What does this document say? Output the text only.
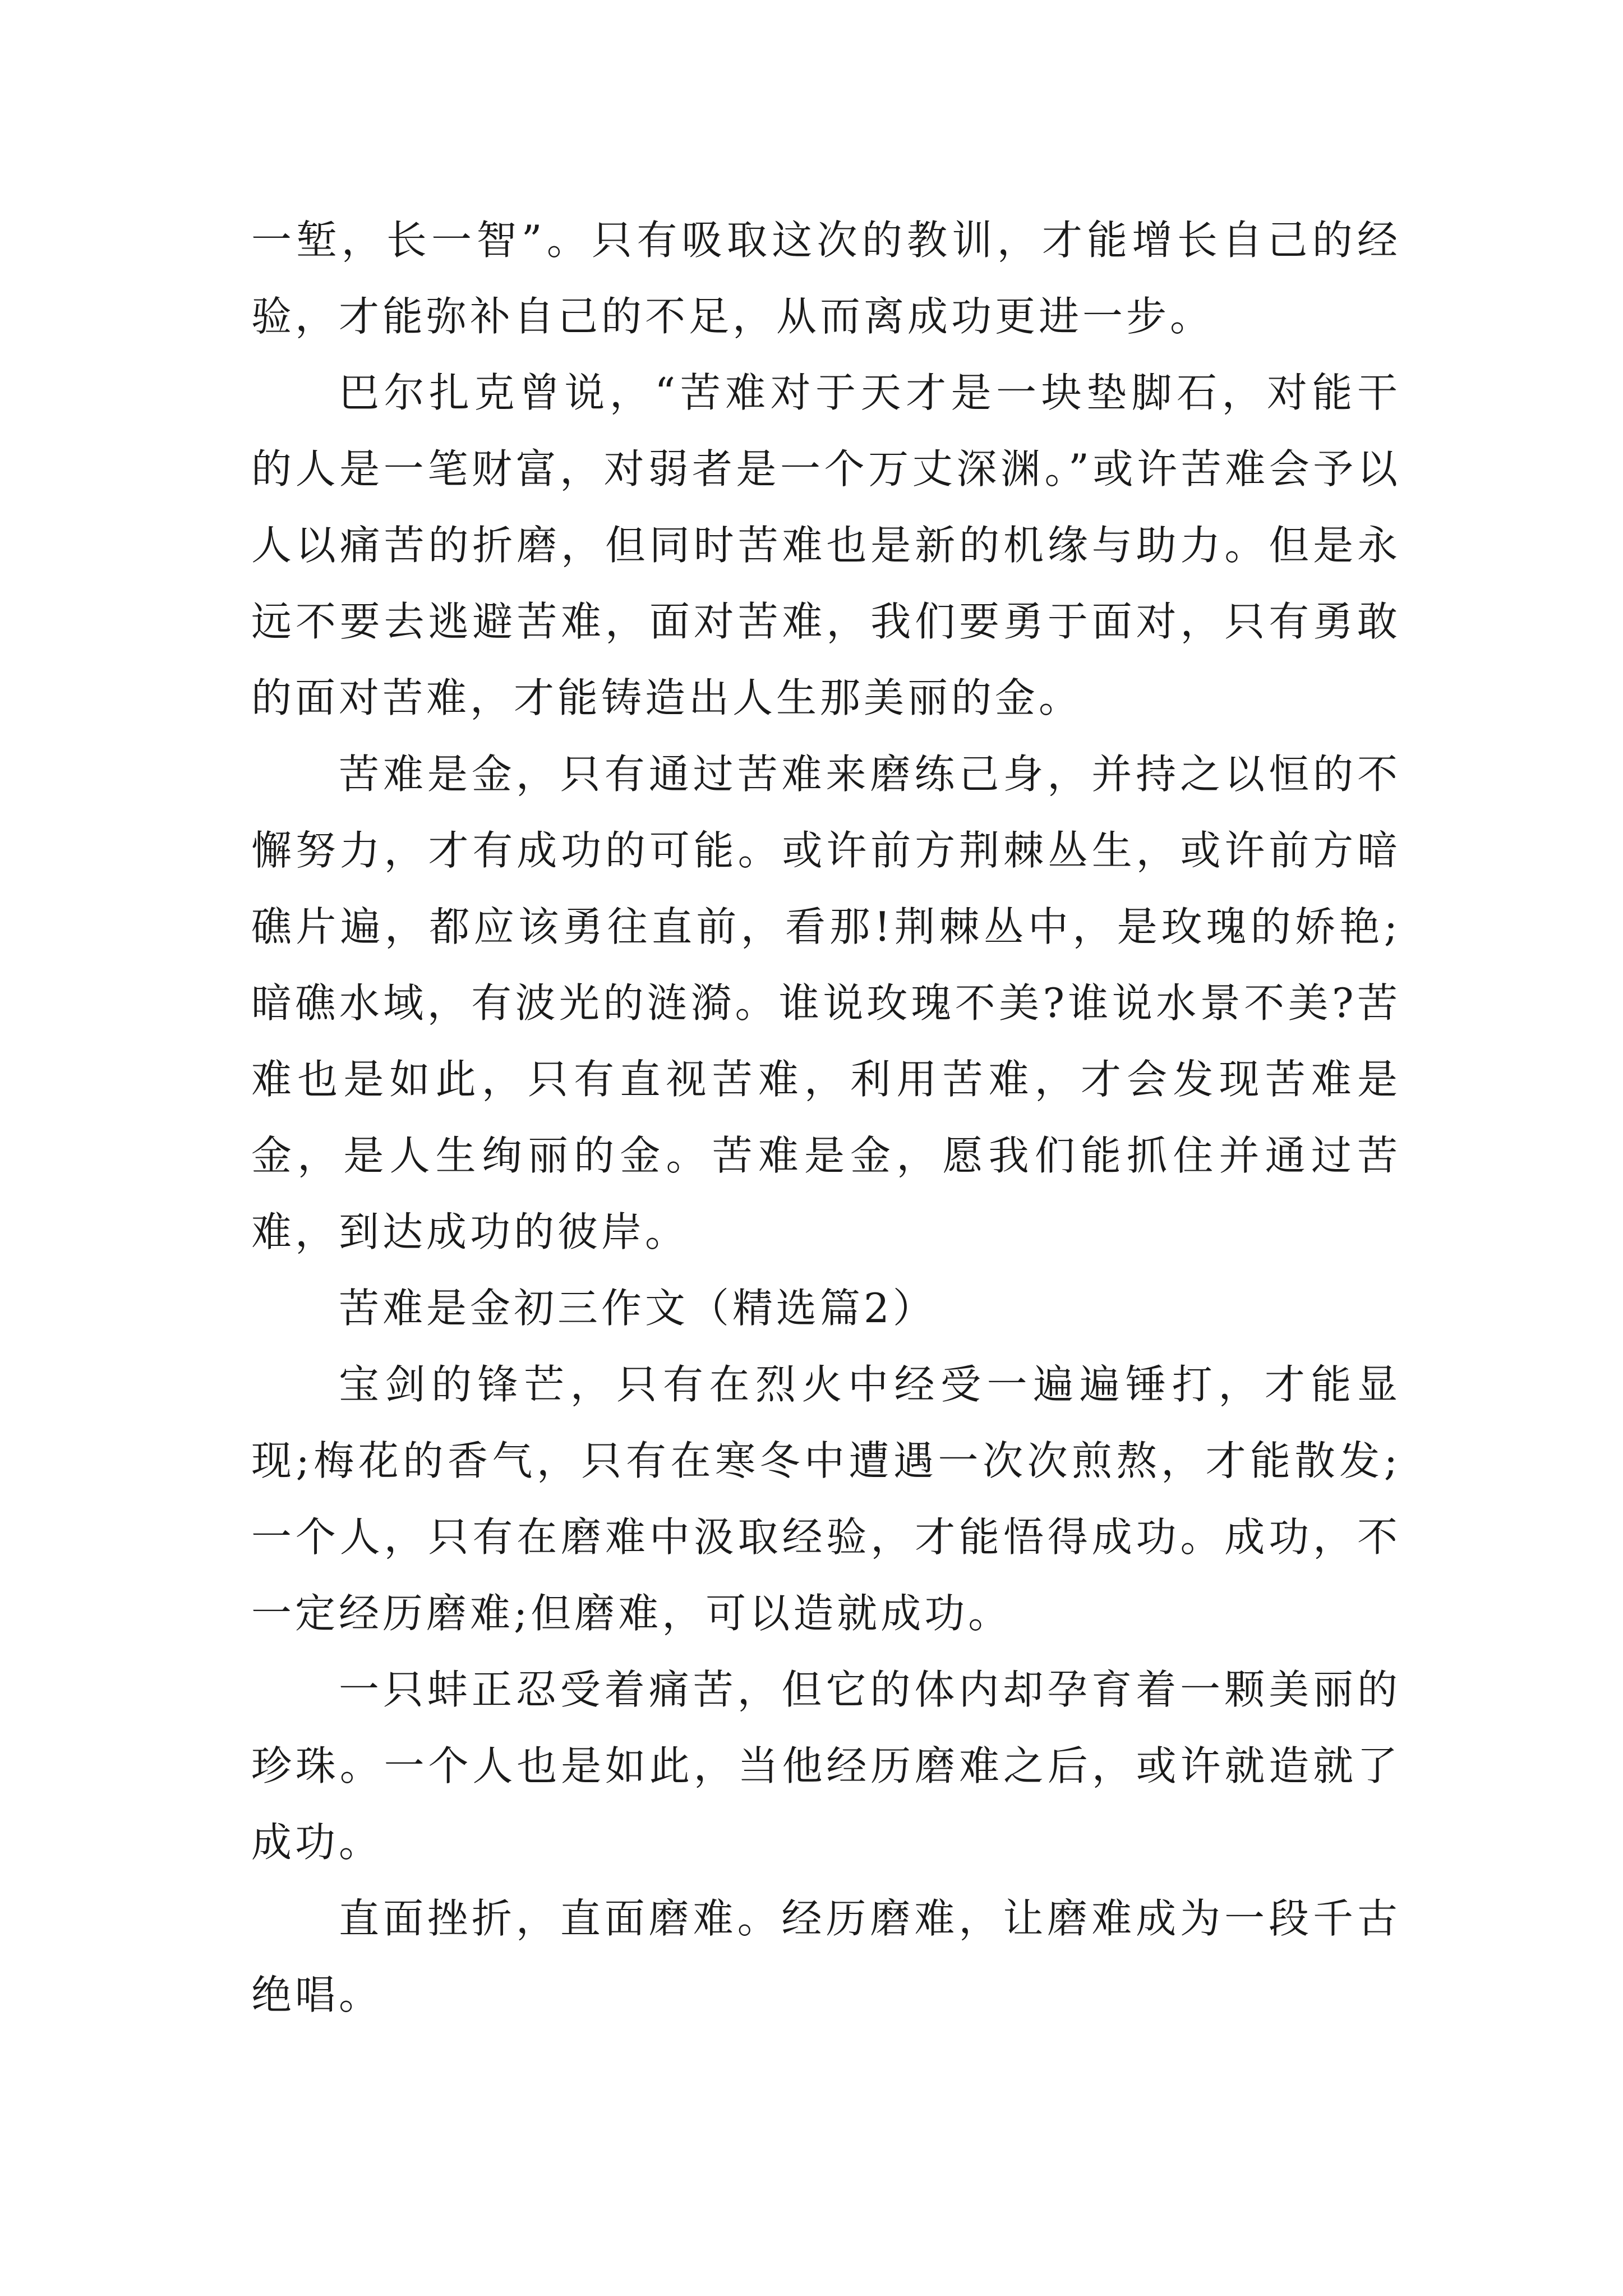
一堑，长一智”。只有吸取这次的教训，才能增长自己的经验，才能弥补自己的不足，从而离成功更进一步。

巴尔扎克曾说，“苦难对于天才是一块垫脚石，对能干的人是一笔财富，对弱者是一个万丈深渊。”或许苦难会予以人以痛苦的折磨，但同时苦难也是新的机缘与助力。但是永远不要去逃避苦难，面对苦难，我们要勇于面对，只有勇敢的面对苦难，才能铸造出人生那美丽的金。

苦难是金，只有通过苦难来磨练己身，并持之以恒的不懈努力，才有成功的可能。或许前方荆棘丛生，或许前方暗礁片遍，都应该勇往直前，看那!荆棘丛中，是玫瑰的娇艳;暗礁水域，有波光的涟漪。谁说玫瑰不美?谁说水景不美?苦难也是如此，只有直视苦难，利用苦难，才会发现苦难是金，是人生绚丽的金。苦难是金，愿我们能抓住并通过苦难，到达成功的彼岸。

苦难是金初三作文（精选篇2）

宝剑的锋芒，只有在烈火中经受一遍遍锤打，才能显现;梅花的香气，只有在寒冬中遭遇一次次煎熬，才能散发;一个人，只有在磨难中汲取经验，才能悟得成功。成功，不一定经历磨难;但磨难，可以造就成功。

一只蚌正忍受着痛苦，但它的体内却孕育着一颗美丽的珍珠。一个人也是如此，当他经历磨难之后，或许就造就了成功。

直面挫折，直面磨难。经历磨难，让磨难成为一段千古绝唱。
